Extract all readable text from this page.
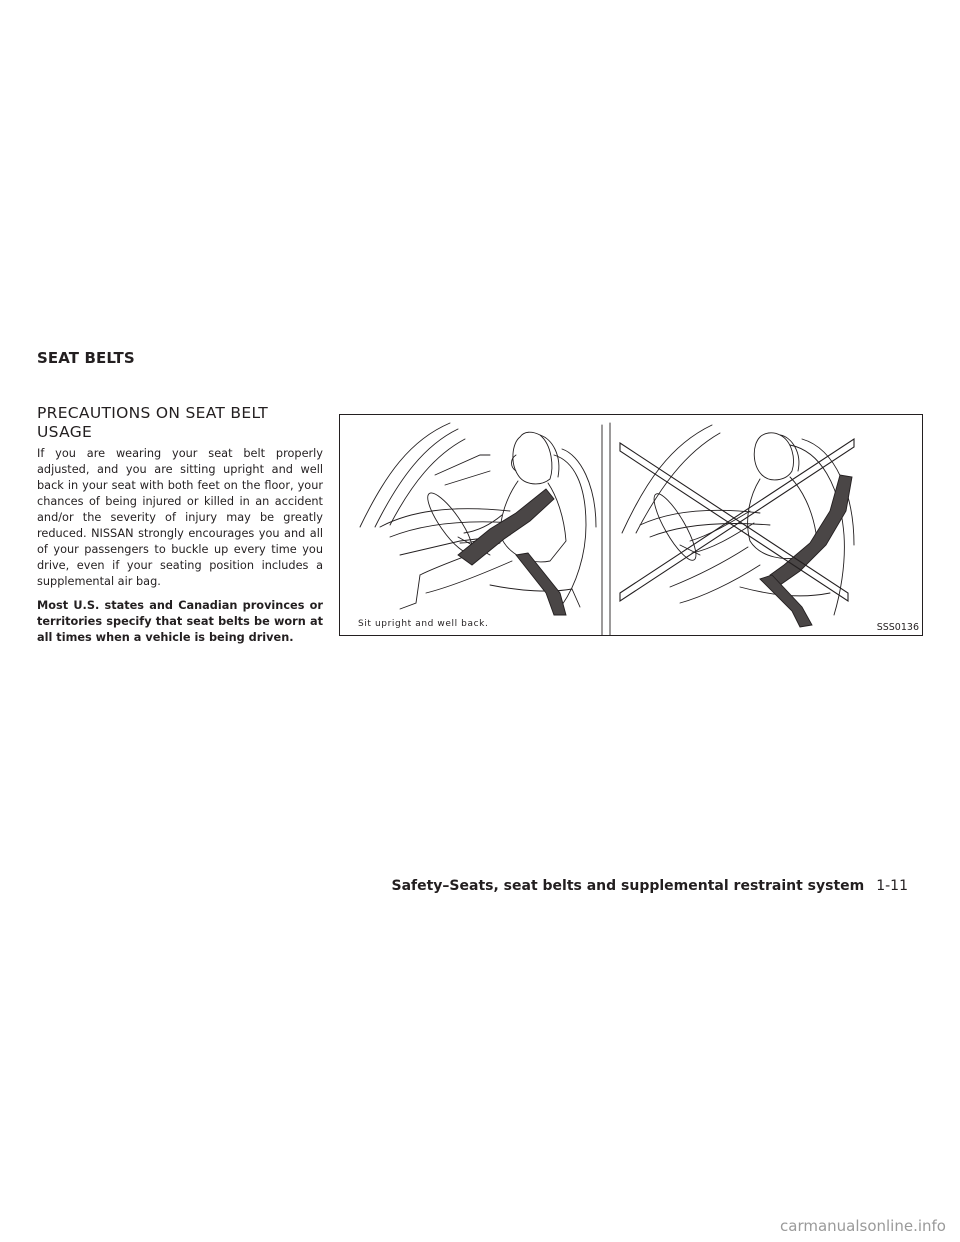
SEAT BELTS
PRECAUTIONS ON SEAT BELT USAGE

If you are wearing your seat belt properly adjusted, and you are sitting upright and well back in your seat with both feet on the floor, your chances of being injured or killed in an accident and/or the severity of injury may be greatly reduced. NISSAN strongly encourages you and all of your passengers to buckle up every time you drive, even if your seating position includes a supplemental air bag.

Most U.S. states and Canadian provinces or territories specify that seat belts be worn at all times when a vehicle is being driven.

Sit upright and well back.	SSS0136
Safety–Seats, seat belts and supplemental restraint system 1-11
carmanualsonline.info
